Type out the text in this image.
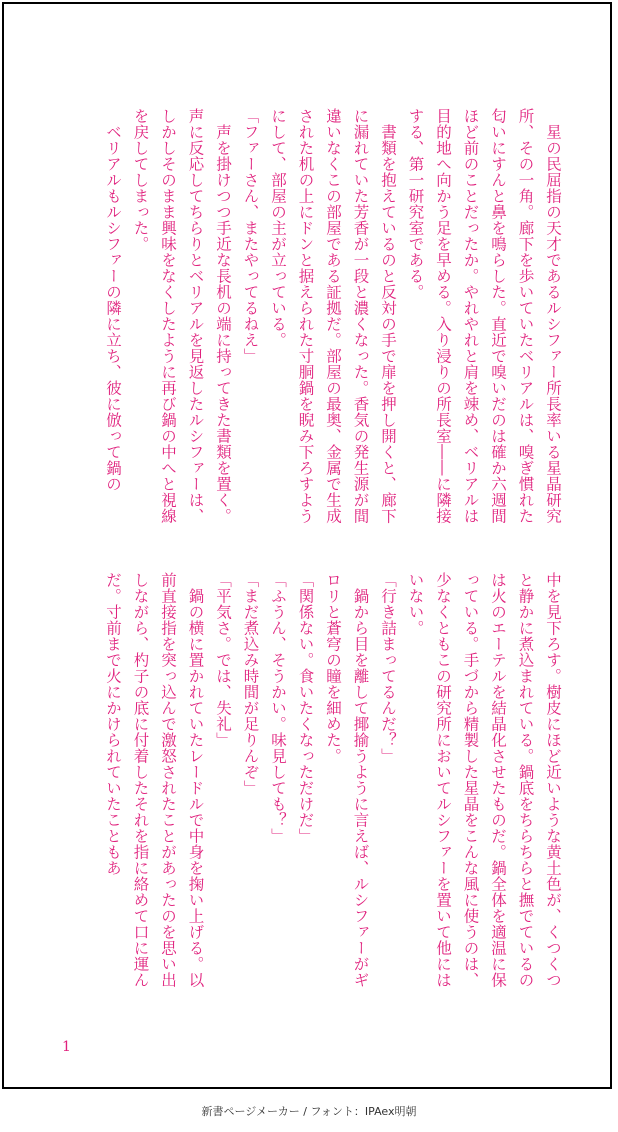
　星の民屈指の天才であるルシファー所長率いる星晶研究所、その一角。廊下を歩いていたベリアルは、嗅ぎ慣れた匂いにすんと鼻を鳴らした。直近で嗅いだのは確か六週間ほど前のことだったか。やれやれと肩を竦め、ベリアルは目的地へ向かう足を早める。入り浸りの所長室――に隣接する、第一研究室である。

　書類を抱えているのと反対の手で扉を押し開くと、廊下に漏れていた芳香が一段と濃くなった。香気の発生源が間違いなくこの部屋である証拠だ。部屋の最奥、金属で生成された机の上にドンと据えられた寸胴鍋を睨み下ろすようにして、部屋の主が立っている。

「ファーさん、またやってるねえ」

　声を掛けつつ手近な長机の端に持ってきた書類を置く。声に反応してちらりとベリアルを見返したルシファーは、しかしそのまま興味をなくしたように再び鍋の中へと視線を戻してしまった。

　ベリアルもルシファーの隣に立ち、彼に倣って鍋の

中を見下ろす。樹皮にほど近いような黄土色が、くつくつと静かに煮込まれている。鍋底をちらちらと撫でているのは火のエーテルを結晶化させたものだ。鍋全体を適温に保っている。手づから精製した星晶をこんな風に使うのは、少なくともこの研究所においてルシファーを置いて他にはいない。

「行き詰まってるんだ？」

　鍋から目を離して揶揄うように言えば、ルシファーがギロリと蒼穹の瞳を細めた。

「関係ない。食いたくなっただけだ」

「ふうん、そうかい。味見しても？」

「まだ煮込み時間が足りんぞ」

「平気さ。では、失礼」

　鍋の横に置かれていたレードルで中身を掬い上げる。以前直接指を突っ込んで激怒されたことがあったのを思い出しながら、杓子の底に付着したそれを指に絡めて口に運んだ。寸前まで火にかけられていたこともあ

1
新書ページメーカー / フォント：IPAex明朝
